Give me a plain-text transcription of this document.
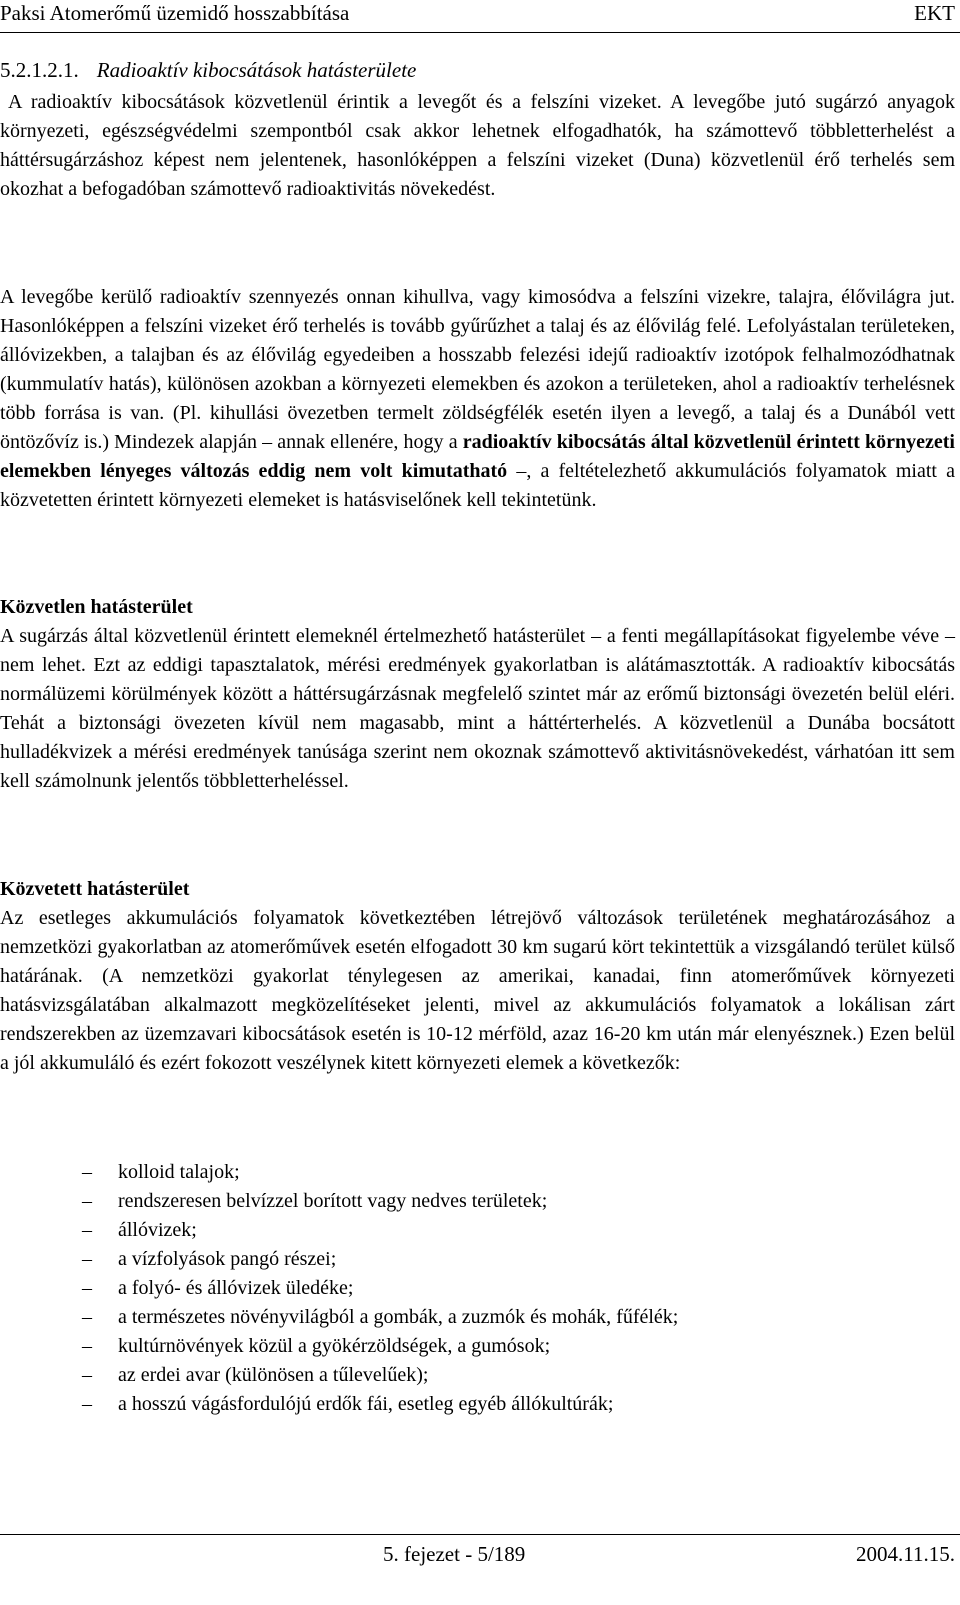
Paksi Atomerőmű üzemidő hosszabbítása	EKT
5.2.1.2.1. Radioaktív kibocsátások hatásterülete

A radioaktív kibocsátások közvetlenül érintik a levegőt és a felszíni vizeket. A levegőbe jutó sugárzó anyagok környezeti, egészségvédelmi szempontból csak akkor lehetnek elfogadhatók, ha számottevő többletterhelést a háttérsugárzáshoz képest nem jelentenek, hasonlóképpen a felszíni vizeket (Duna) közvetlenül érő terhelés sem okozhat a befogadóban számottevő radioaktivitás növekedést.

A levegőbe kerülő radioaktív szennyezés onnan kihullva, vagy kimosódva a felszíni vizekre, talajra, élővilágra jut. Hasonlóképpen a felszíni vizeket érő terhelés is tovább gyűrűzhet a talaj és az élővilág felé. Lefolyástalan területeken, állóvizekben, a talajban és az élővilág egyedeiben a hosszabb felezési idejű radioaktív izotópok felhalmozódhatnak (kummulatív hatás), különösen azokban a környezeti elemekben és azokon a területeken, ahol a radioaktív terhelésnek több forrása is van. (Pl. kihullási övezetben termelt zöldségfélék esetén ilyen a levegő, a talaj és a Dunából vett öntözővíz is.) Mindezek alapján – annak ellenére, hogy a radioaktív kibocsátás által közvetlenül érintett környezeti elemekben lényeges változás eddig nem volt kimutatható –, a feltételezhető akkumulációs folyamatok miatt a közvetetten érintett környezeti elemeket is hatásviselőnek kell tekintetünk.

Közvetlen hatásterület

A sugárzás által közvetlenül érintett elemeknél értelmezhető hatásterület – a fenti megállapításokat figyelembe véve – nem lehet. Ezt az eddigi tapasztalatok, mérési eredmények gyakorlatban is alátámasztották. A radioaktív kibocsátás normálüzemi körülmények között a háttérsugárzásnak megfelelő szintet már az erőmű biztonsági övezetén belül eléri. Tehát a biztonsági övezeten kívül nem magasabb, mint a háttérterhelés. A közvetlenül a Dunába bocsátott hulladékvizek a mérési eredmények tanúsága szerint nem okoznak számottevő aktivitásnövekedést, várhatóan itt sem kell számolnunk jelentős többletterheléssel.

Közvetett hatásterület

Az esetleges akkumulációs folyamatok következtében létrejövő változások területének meghatározásához a nemzetközi gyakorlatban az atomerőművek esetén elfogadott 30 km sugarú kört tekintettük a vizsgálandó terület külső határának. (A nemzetközi gyakorlat ténylegesen az amerikai, kanadai, finn atomerőművek környezeti hatásvizsgálatában alkalmazott megközelítéseket jelenti, mivel az akkumulációs folyamatok a lokálisan zárt rendszerekben az üzemzavari kibocsátások esetén is 10-12 mérföld, azaz 16-20 km után már elenyésznek.) Ezen belül a jól akkumuláló és ezért fokozott veszélynek kitett környezeti elemek a következők:

– kolloid talajok;
– rendszeresen belvízzel borított vagy nedves területek;
– állóvizek;
– a vízfolyások pangó részei;
– a folyó- és állóvizek üledéke;
– a természetes növényvilágból a gombák, a zuzmók és mohák, fűfélék;
– kultúrnövények közül a gyökérzöldségek, a gumósok;
– az erdei avar (különösen a tűlevelűek);
– a hosszú vágásfordulójú erdők fái, esetleg egyéb állókultúrák;
5. fejezet - 5/189	2004.11.15.
